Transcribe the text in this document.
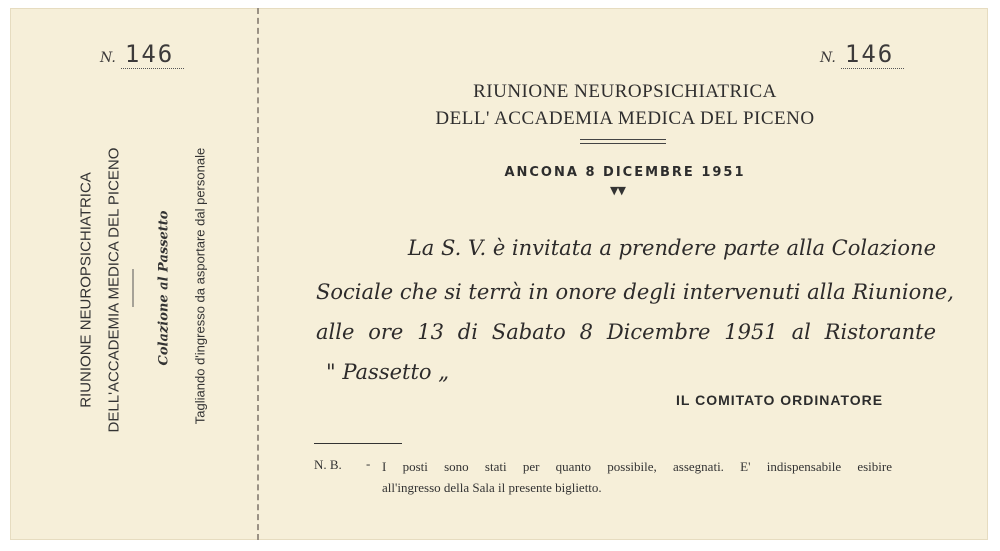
N. 146
RIUNIONE NEUROPSICHIATRICA DELL'ACCADEMIA MEDICA DEL PICENO	Colazione al Passetto Tagliando d'ingresso da asportare dal personale
N. 146
RIUNIONE NEUROPSICHIATRICA
DELL' ACCADEMIA MEDICA DEL PICENO
ANCONA 8 DICEMBRE 1951
▼▼
La S. V. è invitata a prendere parte alla Colazione
Sociale che si terrà in onore degli intervenuti alla Riunione,
alle ore 13 di Sabato 8 Dicembre 1951 al Ristorante
" Passetto „
IL COMITATO ORDINATORE
N. B. - I posti sono stati per quanto possibile, assegnati. E' indispensabile esibire
all'ingresso della Sala il presente biglietto.
